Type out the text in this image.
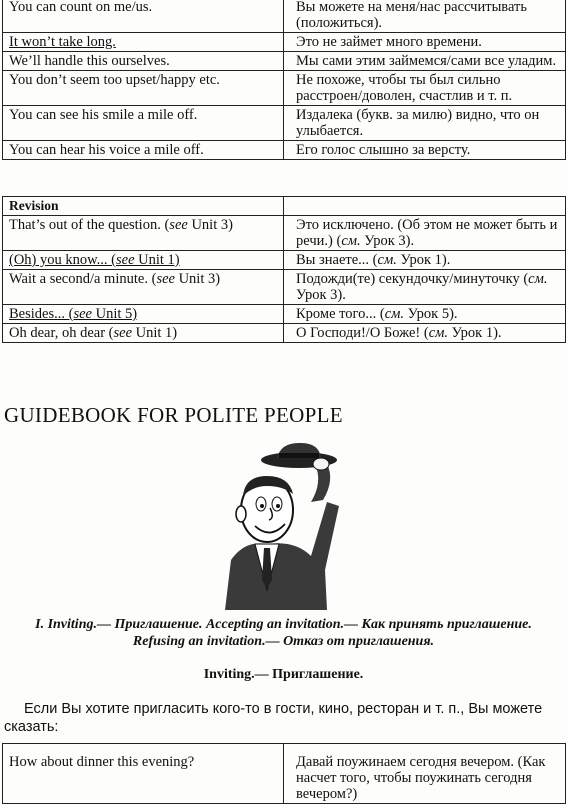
You can count on me/us.	Вы можете на меня/нас рассчитывать (положиться).
It won’t take long.	Это не займет много времени.
We’ll handle this ourselves.	Мы сами этим займемся/сами все уладим.
You don’t seem too upset/happy etc.	Не похоже, чтобы ты был сильно расстроен/доволен, счастлив и т. п.
You can see his smile a mile off.	Издалека (букв. за милю) видно, что он улыбается.
You can hear his voice a mile off.	Его голос слышно за версту.
Revision	
That’s out of the question. (see Unit 3)	Это исключено. (Об этом не может быть и речи.) (см. Урок 3).
(Oh) you know... (see Unit 1)	Вы знаете... (см. Урок 1).
Wait a second/a minute. (see Unit 3)	Подожди(те) секундочку/минуточку (см. Урок 3).
Besides... (see Unit 5)	Кроме того... (см. Урок 5).
Oh dear, oh dear (see Unit 1)	О Господи!/О Боже! (см. Урок 1).
GUIDEBOOK FOR POLITE PEOPLE

I. Inviting.— Приглашение. Accepting an invitation.— Как принять приглашение.
Refusing an invitation.— Отказ от приглашения.

Inviting.— Приглашение.

Если Вы хотите пригласить кого-то в гости, кино, ресторан и т. п., Вы можете сказать:

How about dinner this evening?	Давай поужинаем сегодня вечером. (Как насчет того, чтобы поужинать сегодня вечером?)
